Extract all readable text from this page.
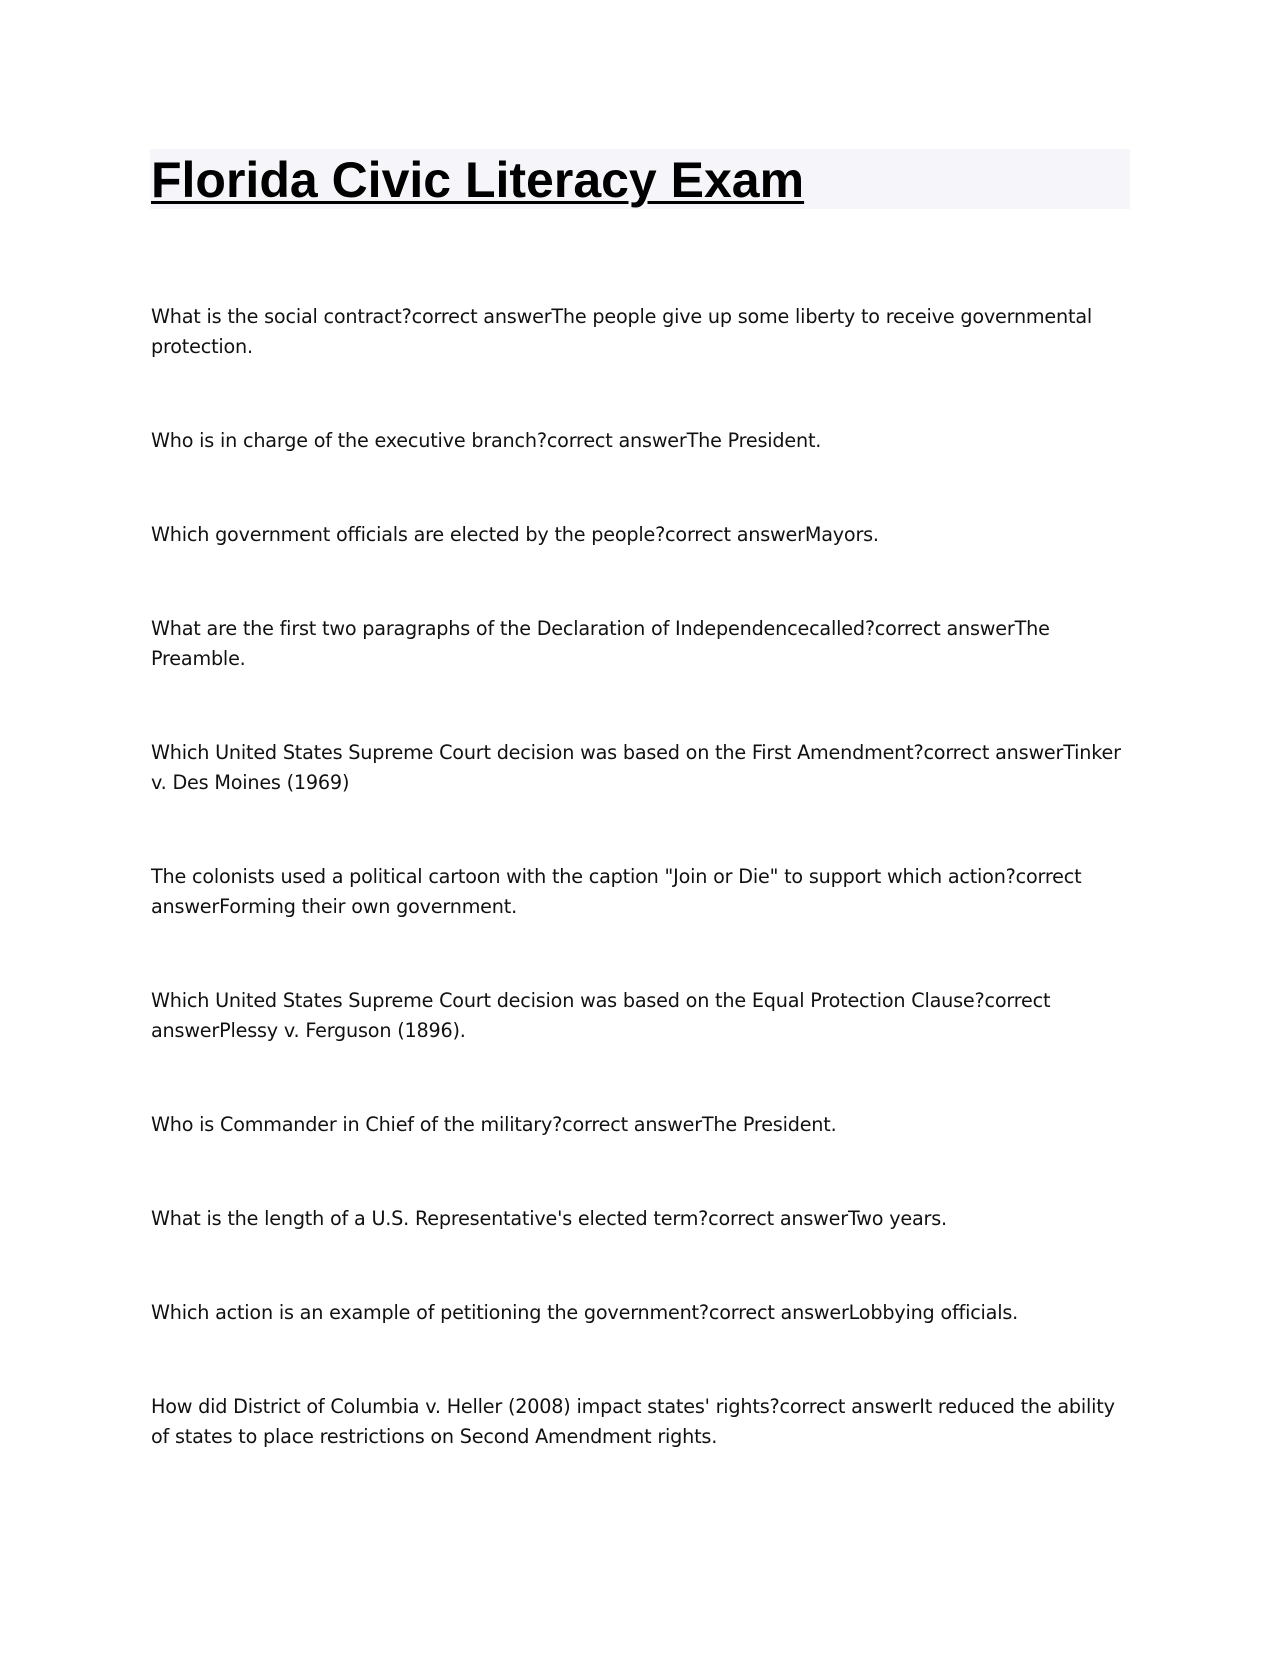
Florida Civic Literacy Exam
What is the social contract?correct answerThe people give up some liberty to receive governmental protection.
Who is in charge of the executive branch?correct answerThe President.
Which government officials are elected by the people?correct answerMayors.
What are the first two paragraphs of the Declaration of Independencecalled?correct answerThe Preamble.
Which United States Supreme Court decision was based on the First Amendment?correct answerTinker v. Des Moines (1969)
The colonists used a political cartoon with the caption "Join or Die" to support which action?correct answerForming their own government.
Which United States Supreme Court decision was based on the Equal Protection Clause?correct answerPlessy v. Ferguson (1896).
Who is Commander in Chief of the military?correct answerThe President.
What is the length of a U.S. Representative's elected term?correct answerTwo years.
Which action is an example of petitioning the government?correct answerLobbying officials.
How did District of Columbia v. Heller (2008) impact states' rights?correct answerIt reduced the ability of states to place restrictions on Second Amendment rights.
